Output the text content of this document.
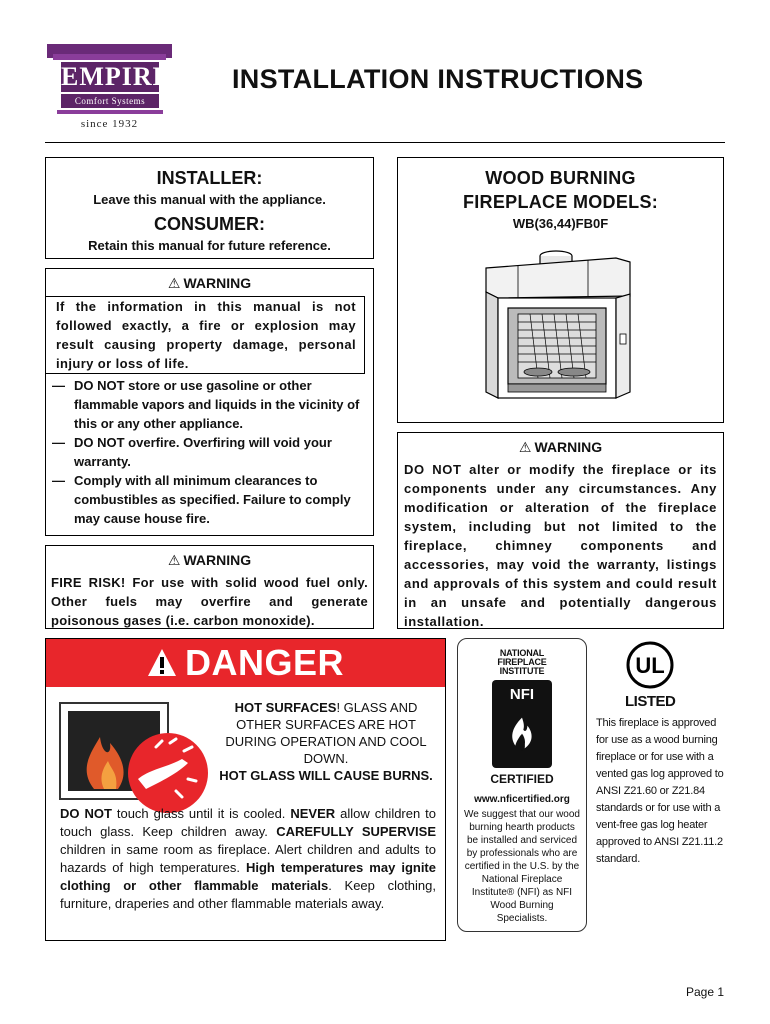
EMPIRE
Comfort Systems
since 1932
INSTALLATION INSTRUCTIONS
INSTALLER:

Leave this manual with the appliance.

CONSUMER:

Retain this manual for future reference.

WOOD BURNING
FIREPLACE MODELS:
WB(36,44)FB0F
⚠ WARNING
If the information in this manual is not followed exactly, a fire or explosion may result causing property damage, personal injury or loss of life.
— DO NOT store or use gasoline or other flammable vapors and liquids in the vicinity of this or any other appliance.
— DO NOT overfire. Overfiring will void your warranty.
— Comply with all minimum clearances to combustibles as specified. Failure to comply may cause house fire.
⚠ WARNING
FIRE RISK! For use with solid wood fuel only. Other fuels may overfire and generate poisonous gases (i.e. carbon monoxide).
⚠ WARNING
DO NOT alter or modify the fireplace or its components under any circumstances. Any modification or alteration of the fireplace system, including but not limited to the fireplace, chimney components and accessories, may void the warranty, listings and approvals of this system and could result in an unsafe and potentially dangerous installation.
DANGER
HOT SURFACES! GLASS AND OTHER SURFACES ARE HOT DURING OPERATION AND COOL DOWN.
HOT GLASS WILL CAUSE BURNS.
DO NOT touch glass until it is cooled. NEVER allow children to touch glass. Keep children away. CAREFULLY SUPERVISE children in same room as fireplace. Alert children and adults to hazards of high temperatures. High temperatures may ignite clothing or other flammable materials. Keep clothing, furniture, draperies and other flammable materials away.
NATIONAL
FIREPLACE
INSTITUTE
NFI
CERTIFIED
www.nficertified.org
We suggest that our wood burning hearth products be installed and serviced by professionals who are certified in the U.S. by the National Fireplace Institute® (NFI) as NFI Wood Burning Specialists.
UL
LISTED
This fireplace is approved for use as a wood burning fireplace or for use with a vented gas log approved to ANSI Z21.60 or Z21.84 standards or for use with a vent-free gas log heater approved to ANSI Z21.11.2 standard.
Page 1
